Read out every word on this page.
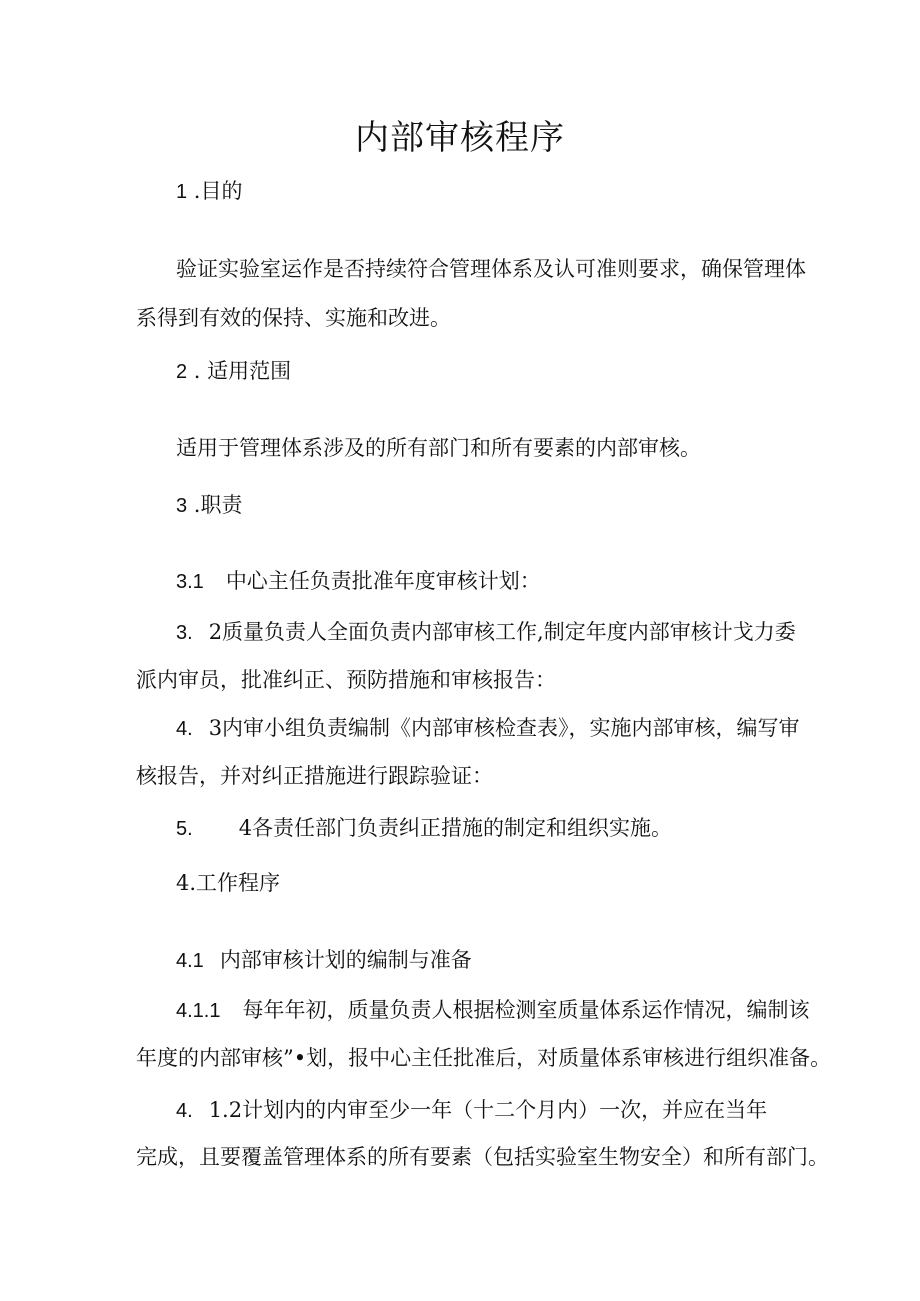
内部审核程序
1 .目的
验证实验室运作是否持续符合管理体系及认可准则要求，确保管理体
系得到有效的保持、实施和改进。
2 . 适用范围
适用于管理体系涉及的所有部门和所有要素的内部审核。
3 .职责
3.1 中心主任负责批准年度审核计划：
3. 2质量负责人全面负责内部审核工作,制定年度内部审核计戈力委
派内审员，批准纠正、预防措施和审核报告：
4. 3内审小组负责编制《内部审核检查表》，实施内部审核，编写审
核报告，并对纠正措施进行跟踪验证：
5. 4各责任部门负责纠正措施的制定和组织实施。
4.工作程序
4.1 内部审核计划的编制与准备
4.1.1 每年年初，质量负责人根据检测室质量体系运作情况，编制该
年度的内部审核”•划，报中心主任批准后，对质量体系审核进行组织准备。
4. 1.2计划内的内审至少一年（十二个月内）一次，并应在当年
完成，且要覆盖管理体系的所有要素（包括实验室生物安全）和所有部门。
